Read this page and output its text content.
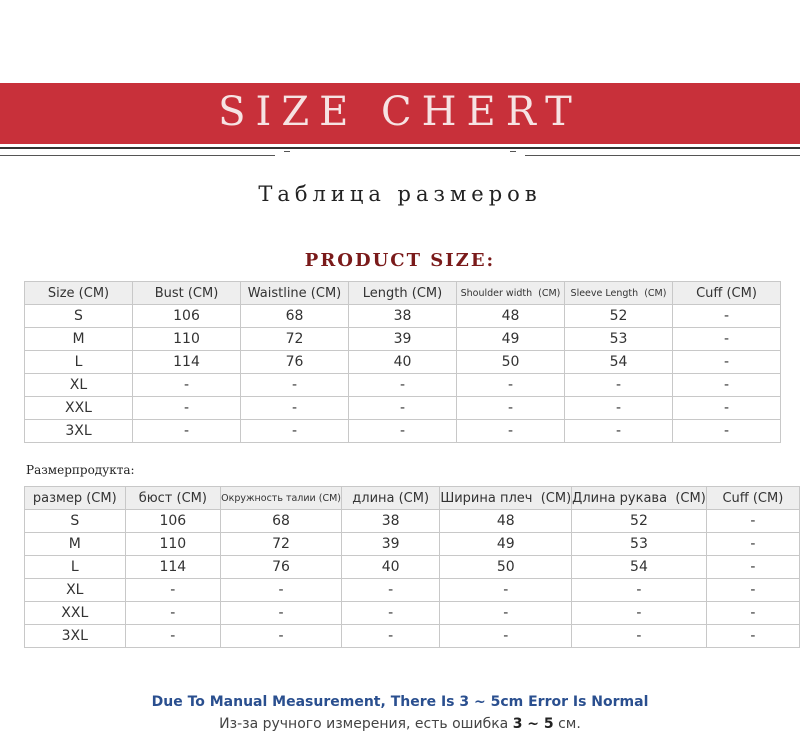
SIZE CHERT
Таблица размеров
PRODUCT SIZE:
Size (CM)	Bust (CM)	Waistline (CM)	Length (CM)	Shoulder width  (CM)	Sleeve Length  (CM)	Cuff (CM)
S	106	68	38	48	52	-
M	110	72	39	49	53	-
L	114	76	40	50	54	-
XL	-	-	-	-	-	-
XXL	-	-	-	-	-	-
3XL	-	-	-	-	-	-
Размерпродукта:
размер (CM)	бюст (CM)	Окружность талии (CM)	длина (CM)	Ширина плеч  (CM)	Длина рукава  (CM)	Cuff (CM)
S	106	68	38	48	52	-
M	110	72	39	49	53	-
L	114	76	40	50	54	-
XL	-	-	-	-	-	-
XXL	-	-	-	-	-	-
3XL	-	-	-	-	-	-
Due To Manual Measurement, There Is 3 ~ 5cm Error Is Normal
Из-за ручного измерения, есть ошибка 3 ~ 5 см.
